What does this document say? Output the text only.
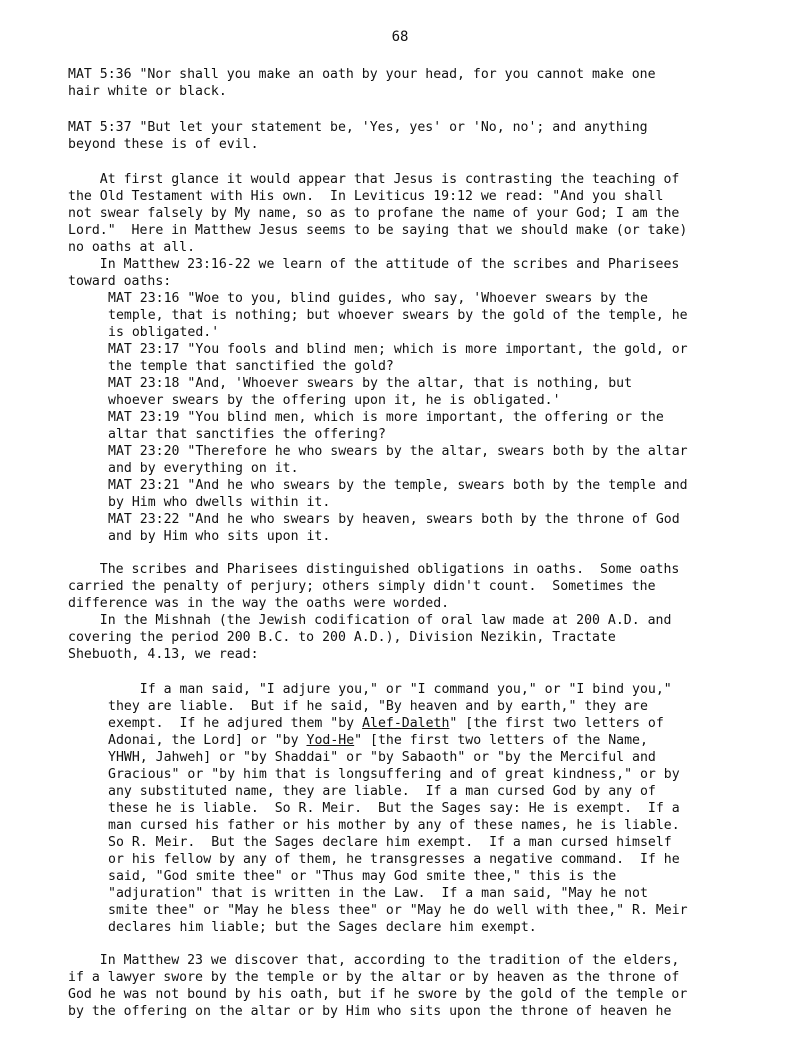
68
MAT 5:36 "Nor shall you make an oath by your head, for you cannot make one
hair white or black.
MAT 5:37 "But let your statement be, 'Yes, yes' or 'No, no'; and anything
beyond these is of evil.
At first glance it would appear that Jesus is contrasting the teaching of
the Old Testament with His own.  In Leviticus 19:12 we read: "And you shall
not swear falsely by My name, so as to profane the name of your God; I am the
Lord."  Here in Matthew Jesus seems to be saying that we should make (or take)
no oaths at all.
In Matthew 23:16-22 we learn of the attitude of the scribes and Pharisees
toward oaths:
MAT 23:16 "Woe to you, blind guides, who say, 'Whoever swears by the
temple, that is nothing; but whoever swears by the gold of the temple, he
is obligated.'
MAT 23:17 "You fools and blind men; which is more important, the gold, or
the temple that sanctified the gold?
MAT 23:18 "And, 'Whoever swears by the altar, that is nothing, but
whoever swears by the offering upon it, he is obligated.'
MAT 23:19 "You blind men, which is more important, the offering or the
altar that sanctifies the offering?
MAT 23:20 "Therefore he who swears by the altar, swears both by the altar
and by everything on it.
MAT 23:21 "And he who swears by the temple, swears both by the temple and
by Him who dwells within it.
MAT 23:22 "And he who swears by heaven, swears both by the throne of God
and by Him who sits upon it.
The scribes and Pharisees distinguished obligations in oaths.  Some oaths
carried the penalty of perjury; others simply didn't count.  Sometimes the
difference was in the way the oaths were worded.
In the Mishnah (the Jewish codification of oral law made at 200 A.D. and
covering the period 200 B.C. to 200 A.D.), Division Nezikin, Tractate
Shebuoth, 4.13, we read:
If a man said, "I adjure you," or "I command you," or "I bind you,"
they are liable.  But if he said, "By heaven and by earth," they are
exempt.  If he adjured them "by Alef-Daleth" [the first two letters of
Adonai, the Lord] or "by Yod-He" [the first two letters of the Name,
YHWH, Jahweh] or "by Shaddai" or "by Sabaoth" or "by the Merciful and
Gracious" or "by him that is longsuffering and of great kindness," or by
any substituted name, they are liable.  If a man cursed God by any of
these he is liable.  So R. Meir.  But the Sages say: He is exempt.  If a
man cursed his father or his mother by any of these names, he is liable.
So R. Meir.  But the Sages declare him exempt.  If a man cursed himself
or his fellow by any of them, he transgresses a negative command.  If he
said, "God smite thee" or "Thus may God smite thee," this is the
"adjuration" that is written in the Law.  If a man said, "May he not
smite thee" or "May he bless thee" or "May he do well with thee," R. Meir
declares him liable; but the Sages declare him exempt.
In Matthew 23 we discover that, according to the tradition of the elders,
if a lawyer swore by the temple or by the altar or by heaven as the throne of
God he was not bound by his oath, but if he swore by the gold of the temple or
by the offering on the altar or by Him who sits upon the throne of heaven he
